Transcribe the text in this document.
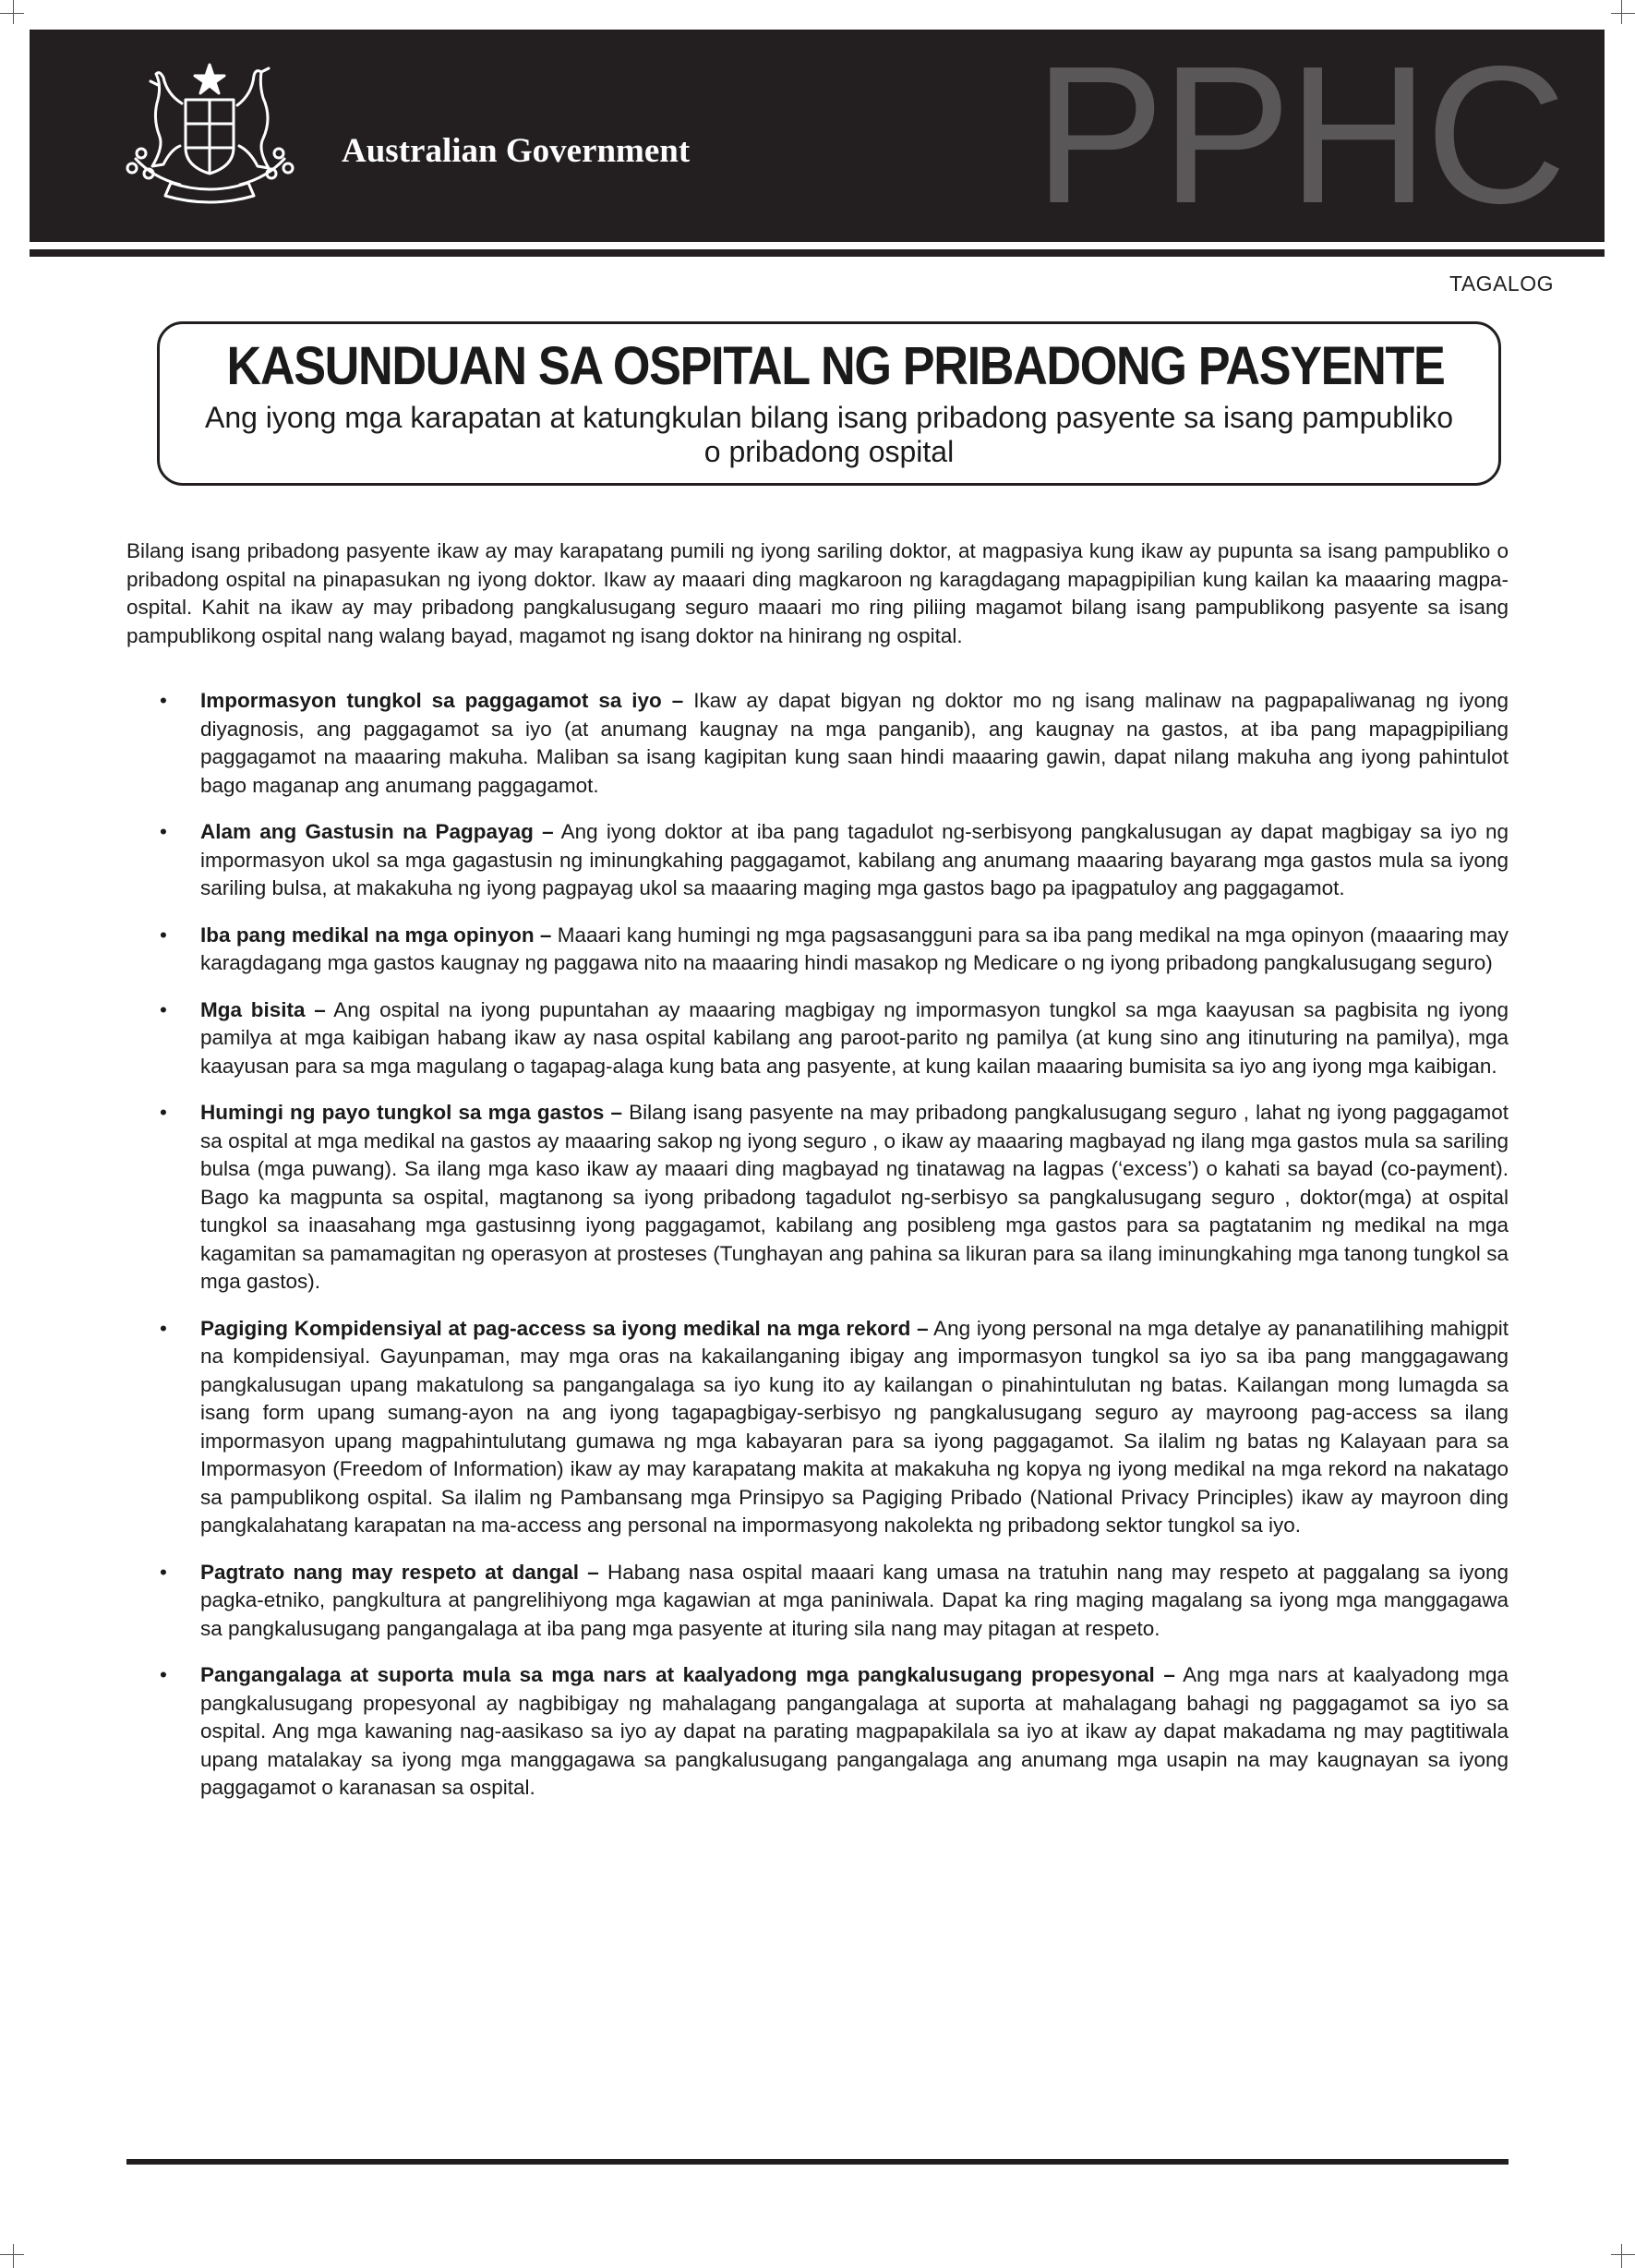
Australian Government PPHC
TAGALOG
KASUNDUAN SA OSPITAL NG PRIBADONG PASYENTE
Ang iyong mga karapatan at katungkulan bilang isang pribadong pasyente sa isang pampubliko o pribadong ospital

Bilang isang pribadong pasyente ikaw ay may karapatang pumili ng iyong sariling doktor, at magpasiya kung ikaw ay pupunta sa isang pampubliko o pribadong ospital na pinapasukan ng iyong doktor. Ikaw ay maaari ding magkaroon ng karagdagang mapagpipilian kung kailan ka maaaring magpa-ospital. Kahit na ikaw ay may pribadong pangkalusugang seguro maaari mo ring piliing magamot bilang isang pampublikong pasyente sa isang pampublikong ospital nang walang bayad, magamot ng isang doktor na hinirang ng ospital.

• Impormasyon tungkol sa paggagamot sa iyo – Ikaw ay dapat bigyan ng doktor mo ng isang malinaw na pagpapaliwanag ng iyong diyagnosis, ang paggagamot sa iyo (at anumang kaugnay na mga panganib), ang kaugnay na gastos, at iba pang mapagpipiliang paggagamot na maaaring makuha. Maliban sa isang kagipitan kung saan hindi maaaring gawin, dapat nilang makuha ang iyong pahintulot bago maganap ang anumang paggagamot.
• Alam ang Gastusin na Pagpayag – Ang iyong doktor at iba pang tagadulot ng-serbisyong pangkalusugan ay dapat magbigay sa iyo ng impormasyon ukol sa mga gagastusin ng iminungkahing paggagamot, kabilang ang anumang maaaring bayarang mga gastos mula sa iyong sariling bulsa, at makakuha ng iyong pagpayag ukol sa maaaring maging mga gastos bago pa ipagpatuloy ang paggagamot.
• Iba pang medikal na mga opinyon – Maaari kang humingi ng mga pagsasangguni para sa iba pang medikal na mga opinyon (maaaring may karagdagang mga gastos kaugnay ng paggawa nito na maaaring hindi masakop ng Medicare o ng iyong pribadong pangkalusugang seguro)
• Mga bisita – Ang ospital na iyong pupuntahan ay maaaring magbigay ng impormasyon tungkol sa mga kaayusan sa pagbisita ng iyong pamilya at mga kaibigan habang ikaw ay nasa ospital kabilang ang paroot-parito ng pamilya (at kung sino ang itinuturing na pamilya), mga kaayusan para sa mga magulang o tagapag-alaga kung bata ang pasyente, at kung kailan maaaring bumisita sa iyo ang iyong mga kaibigan.
• Humingi ng payo tungkol sa mga gastos – Bilang isang pasyente na may pribadong pangkalusugang seguro , lahat ng iyong paggagamot sa ospital at mga medikal na gastos ay maaaring sakop ng iyong seguro , o ikaw ay maaaring magbayad ng ilang mga gastos mula sa sariling bulsa (mga puwang). Sa ilang mga kaso ikaw ay maaari ding magbayad ng tinatawag na lagpas (‘excess’) o kahati sa bayad (co-payment). Bago ka magpunta sa ospital, magtanong sa iyong pribadong tagadulot ng-serbisyo sa pangkalusugang seguro , doktor(mga) at ospital tungkol sa inaasahang mga gastusinng iyong paggagamot, kabilang ang posibleng mga gastos para sa pagtatanim ng medikal na mga kagamitan sa pamamagitan ng operasyon at prosteses (Tunghayan ang pahina sa likuran para sa ilang iminungkahing mga tanong tungkol sa mga gastos).
• Pagiging Kompidensiyal at pag-access sa iyong medikal na mga rekord – Ang iyong personal na mga detalye ay pananatilihing mahigpit na kompidensiyal. Gayunpaman, may mga oras na kakailanganing ibigay ang impormasyon tungkol sa iyo sa iba pang manggagawang pangkalusugan upang makatulong sa pangangalaga sa iyo kung ito ay kailangan o pinahintulutan ng batas. Kailangan mong lumagda sa isang form upang sumang-ayon na ang iyong tagapagbigay-serbisyo ng pangkalusugang seguro ay mayroong pag-access sa ilang impormasyon upang magpahintulutang gumawa ng mga kabayaran para sa iyong paggagamot. Sa ilalim ng batas ng Kalayaan para sa Impormasyon (Freedom of Information) ikaw ay may karapatang makita at makakuha ng kopya ng iyong medikal na mga rekord na nakatago sa pampublikong ospital. Sa ilalim ng Pambansang mga Prinsipyo sa Pagiging Pribado (National Privacy Principles) ikaw ay mayroon ding pangkalahatang karapatan na ma-access ang personal na impormasyong nakolekta ng pribadong sektor tungkol sa iyo.
• Pagtrato nang may respeto at dangal – Habang nasa ospital maaari kang umasa na tratuhin nang may respeto at paggalang sa iyong pagka-etniko, pangkultura at pangrelihiyong mga kagawian at mga paniniwala. Dapat ka ring maging magalang sa iyong mga manggagawa sa pangkalusugang pangangalaga at iba pang mga pasyente at ituring sila nang may pitagan at respeto.
• Pangangalaga at suporta mula sa mga nars at kaalyadong mga pangkalusugang propesyonal – Ang mga nars at kaalyadong mga pangkalusugang propesyonal ay nagbibigay ng mahalagang pangangalaga at suporta at mahalagang bahagi ng paggagamot sa iyo sa ospital. Ang mga kawaning nag-aasikaso sa iyo ay dapat na parating magpapakilala sa iyo at ikaw ay dapat makadama ng may pagtitiwala upang matalakay sa iyong mga manggagawa sa pangkalusugang pangangalaga ang anumang mga usapin na may kaugnayan sa iyong paggagamot o karanasan sa ospital.
